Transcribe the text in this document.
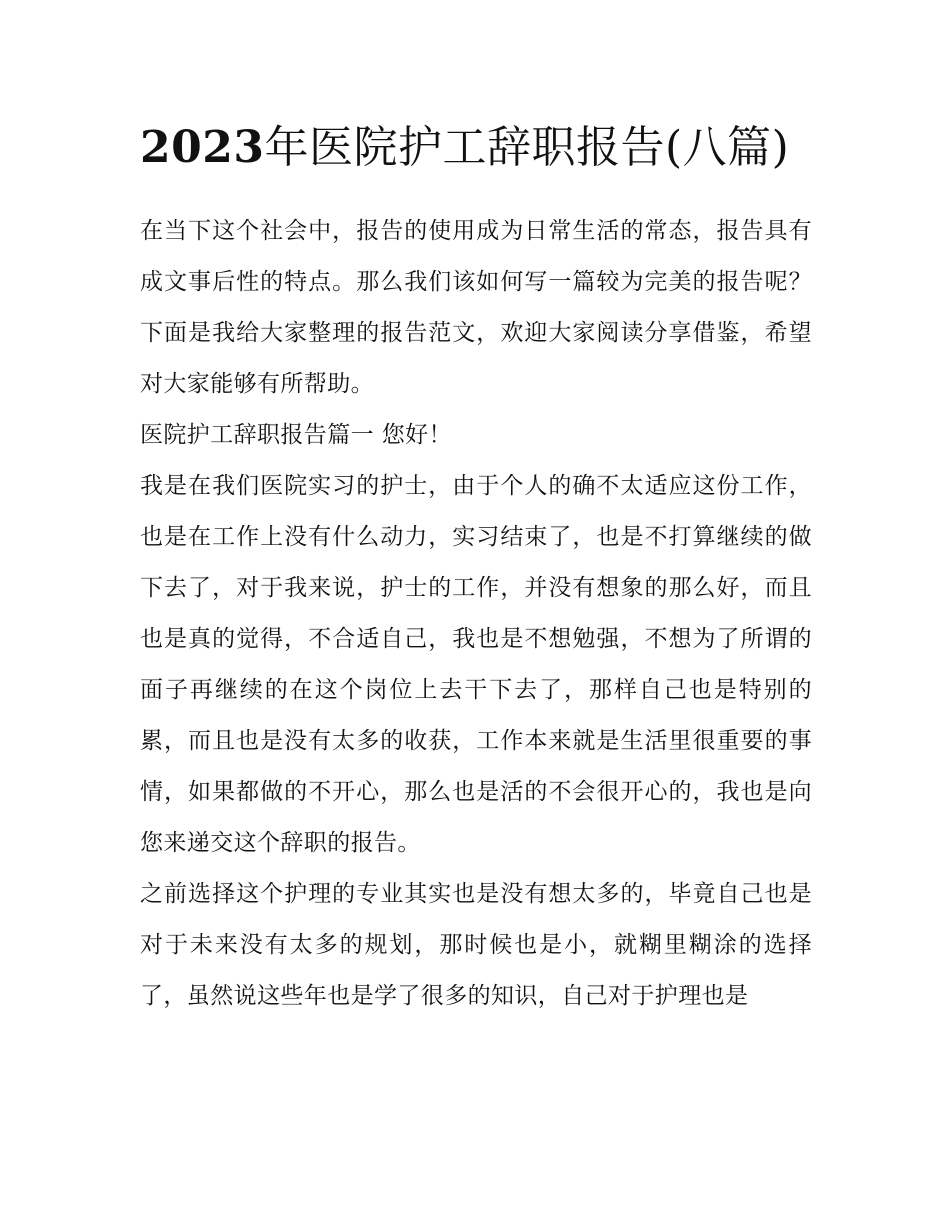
2023年医院护工辞职报告(八篇)

在当下这个社会中，报告的使用成为日常生活的常态，报告具有成文事后性的特点。那么我们该如何写一篇较为完美的报告呢？下面是我给大家整理的报告范文，欢迎大家阅读分享借鉴，希望对大家能够有所帮助。

医院护工辞职报告篇一 您好！

我是在我们医院实习的护士，由于个人的确不太适应这份工作，也是在工作上没有什么动力，实习结束了，也是不打算继续的做下去了，对于我来说，护士的工作，并没有想象的那么好，而且也是真的觉得，不合适自己，我也是不想勉强，不想为了所谓的面子再继续的在这个岗位上去干下去了，那样自己也是特别的累，而且也是没有太多的收获，工作本来就是生活里很重要的事情，如果都做的不开心，那么也是活的不会很开心的，我也是向您来递交这个辞职的报告。

之前选择这个护理的专业其实也是没有想太多的，毕竟自己也是对于未来没有太多的规划，那时候也是小，就糊里糊涂的选择了，虽然说这些年也是学了很多的知识，自己对于护理也是
